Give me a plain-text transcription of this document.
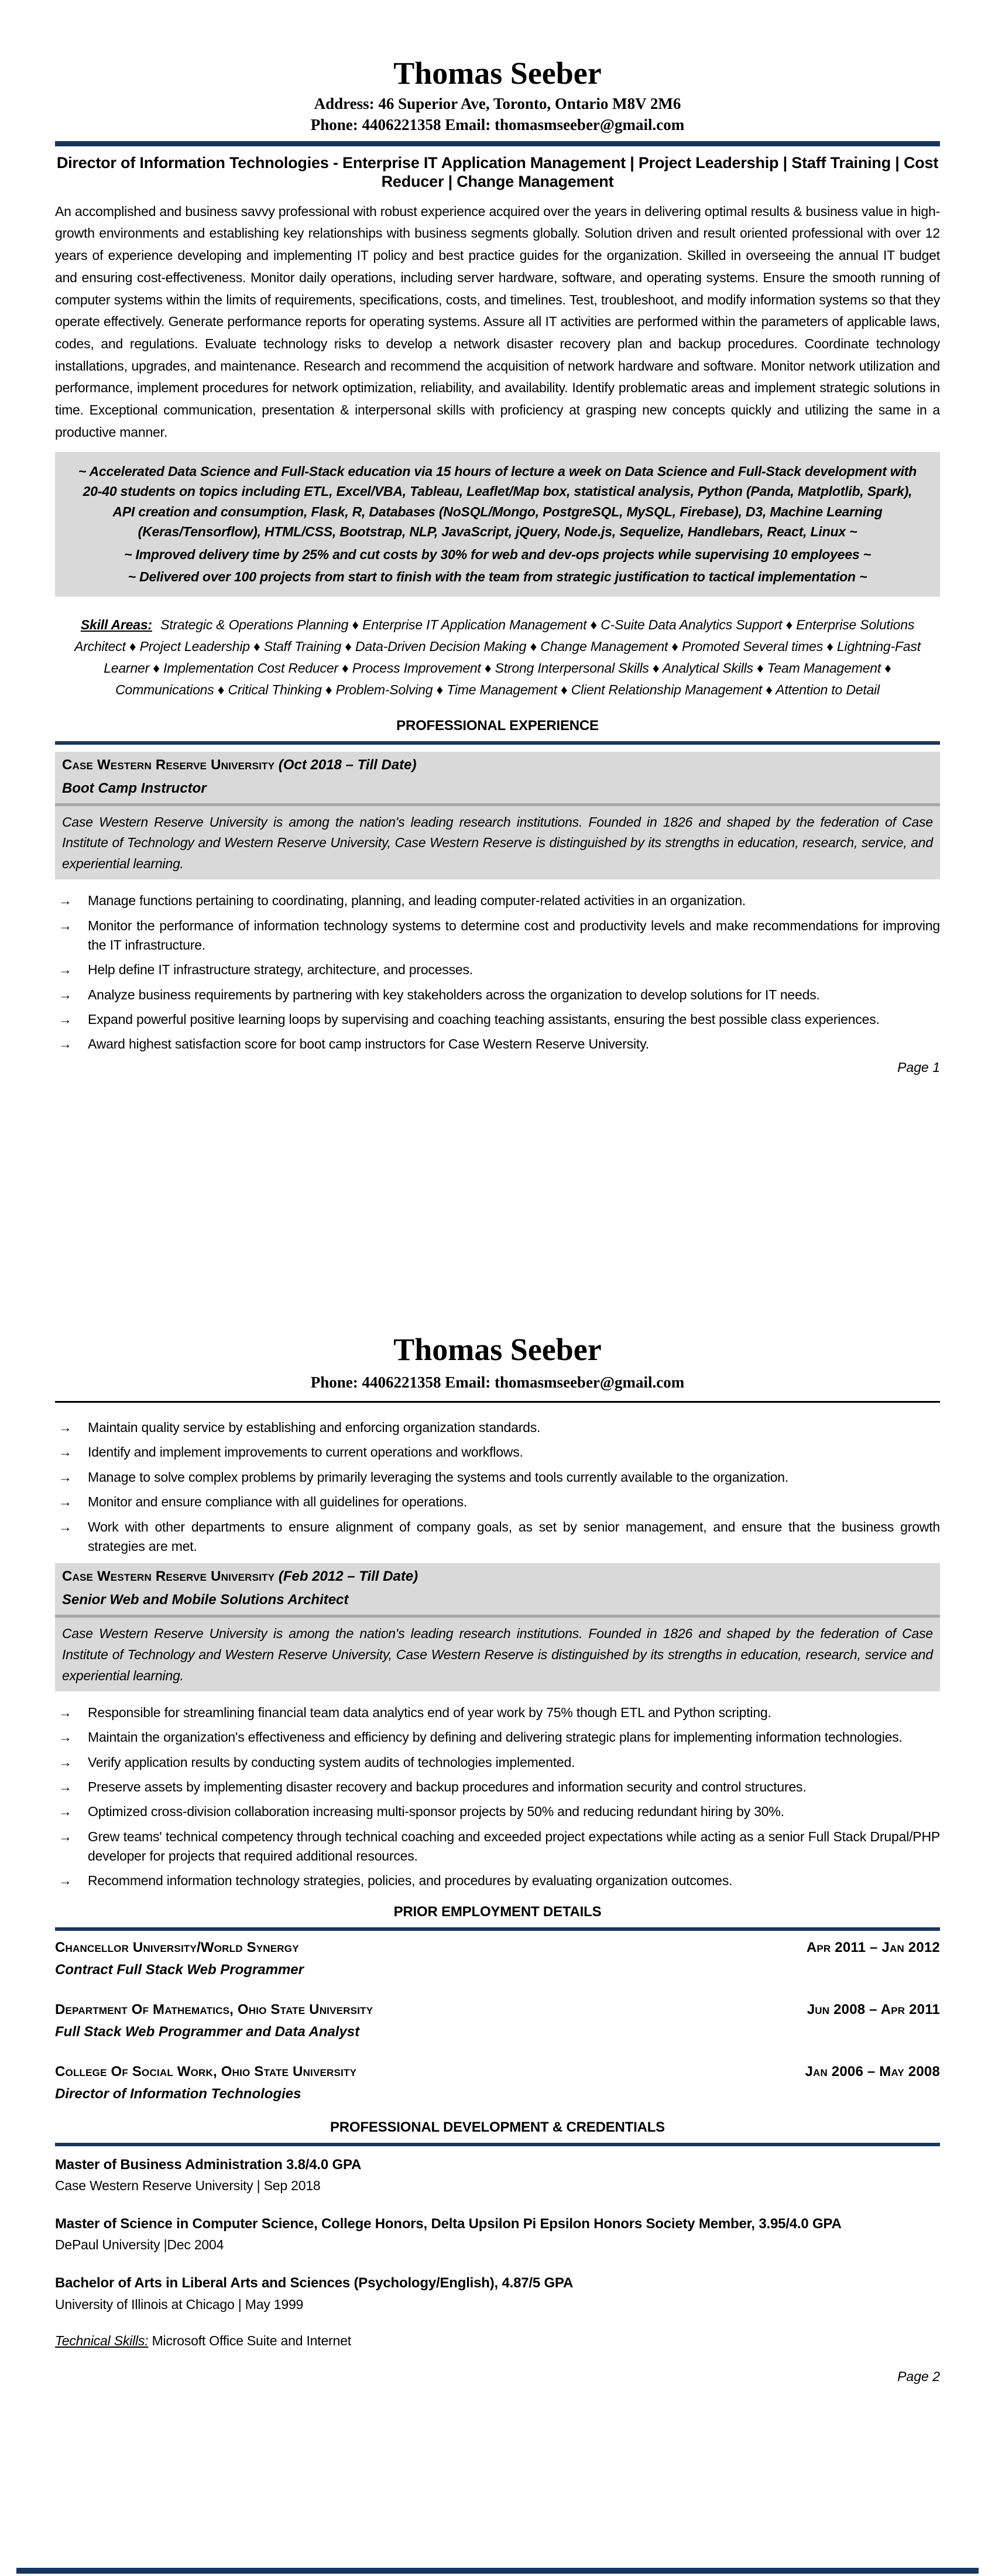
Thomas Seeber
Address: 46 Superior Ave, Toronto, Ontario M8V 2M6
Phone: 4406221358 Email: thomasmseeber@gmail.com
Director of Information Technologies - Enterprise IT Application Management | Project Leadership | Staff Training | Cost Reducer | Change Management
An accomplished and business savvy professional with robust experience acquired over the years in delivering optimal results & business value in high-growth environments and establishing key relationships with business segments globally. Solution driven and result oriented professional with over 12 years of experience developing and implementing IT policy and best practice guides for the organization. Skilled in overseeing the annual IT budget and ensuring cost-effectiveness. Monitor daily operations, including server hardware, software, and operating systems. Ensure the smooth running of computer systems within the limits of requirements, specifications, costs, and timelines. Test, troubleshoot, and modify information systems so that they operate effectively. Generate performance reports for operating systems. Assure all IT activities are performed within the parameters of applicable laws, codes, and regulations. Evaluate technology risks to develop a network disaster recovery plan and backup procedures. Coordinate technology installations, upgrades, and maintenance. Research and recommend the acquisition of network hardware and software. Monitor network utilization and performance, implement procedures for network optimization, reliability, and availability. Identify problematic areas and implement strategic solutions in time. Exceptional communication, presentation & interpersonal skills with proficiency at grasping new concepts quickly and utilizing the same in a productive manner.
~ Accelerated Data Science and Full-Stack education via 15 hours of lecture a week on Data Science and Full-Stack development with 20-40 students on topics including ETL, Excel/VBA, Tableau, Leaflet/Map box, statistical analysis, Python (Panda, Matplotlib, Spark), API creation and consumption, Flask, R, Databases (NoSQL/Mongo, PostgreSQL, MySQL, Firebase), D3, Machine Learning (Keras/Tensorflow), HTML/CSS, Bootstrap, NLP, JavaScript, jQuery, Node.js, Sequelize, Handlebars, React, Linux ~
~ Improved delivery time by 25% and cut costs by 30% for web and dev-ops projects while supervising 10 employees ~
~ Delivered over 100 projects from start to finish with the team from strategic justification to tactical implementation ~
Skill Areas: Strategic & Operations Planning ♦ Enterprise IT Application Management ♦ C-Suite Data Analytics Support ♦ Enterprise Solutions Architect ♦ Project Leadership ♦ Staff Training ♦ Data-Driven Decision Making ♦ Change Management ♦ Promoted Several times ♦ Lightning-Fast Learner ♦ Implementation Cost Reducer ♦ Process Improvement ♦ Strong Interpersonal Skills ♦ Analytical Skills ♦ Team Management ♦ Communications ♦ Critical Thinking ♦ Problem-Solving ♦ Time Management ♦ Client Relationship Management ♦ Attention to Detail
PROFESSIONAL EXPERIENCE
Case Western Reserve University (Oct 2018 – Till Date)
Boot Camp Instructor
Case Western Reserve University is among the nation's leading research institutions. Founded in 1826 and shaped by the federation of Case Institute of Technology and Western Reserve University, Case Western Reserve is distinguished by its strengths in education, research, service, and experiential learning.
→	Manage functions pertaining to coordinating, planning, and leading computer-related activities in an organization.
→	Monitor the performance of information technology systems to determine cost and productivity levels and make recommendations for improving the IT infrastructure.
→	Help define IT infrastructure strategy, architecture, and processes.
→	Analyze business requirements by partnering with key stakeholders across the organization to develop solutions for IT needs.
→	Expand powerful positive learning loops by supervising and coaching teaching assistants, ensuring the best possible class experiences.
→	Award highest satisfaction score for boot camp instructors for Case Western Reserve University.
Page 1
Thomas Seeber
Phone: 4406221358 Email: thomasmseeber@gmail.com
→	Maintain quality service by establishing and enforcing organization standards.
→	Identify and implement improvements to current operations and workflows.
→	Manage to solve complex problems by primarily leveraging the systems and tools currently available to the organization.
→	Monitor and ensure compliance with all guidelines for operations.
→	Work with other departments to ensure alignment of company goals, as set by senior management, and ensure that the business growth strategies are met.
Case Western Reserve University (Feb 2012 – Till Date)
Senior Web and Mobile Solutions Architect
Case Western Reserve University is among the nation's leading research institutions. Founded in 1826 and shaped by the federation of Case Institute of Technology and Western Reserve University, Case Western Reserve is distinguished by its strengths in education, research, service and experiential learning.
→	Responsible for streamlining financial team data analytics end of year work by 75% though ETL and Python scripting.
→	Maintain the organization's effectiveness and efficiency by defining and delivering strategic plans for implementing information technologies.
→	Verify application results by conducting system audits of technologies implemented.
→	Preserve assets by implementing disaster recovery and backup procedures and information security and control structures.
→	Optimized cross-division collaboration increasing multi-sponsor projects by 50% and reducing redundant hiring by 30%.
→	Grew teams' technical competency through technical coaching and exceeded project expectations while acting as a senior Full Stack Drupal/PHP developer for projects that required additional resources.
→	Recommend information technology strategies, policies, and procedures by evaluating organization outcomes.
PRIOR EMPLOYMENT DETAILS
Chancellor University/World Synergy	Apr 2011 – Jan 2012
Contract Full Stack Web Programmer
Department Of Mathematics, Ohio State University	Jun 2008 – Apr 2011
Full Stack Web Programmer and Data Analyst
College Of Social Work, Ohio State University	Jan 2006 – May 2008
Director of Information Technologies
PROFESSIONAL DEVELOPMENT & CREDENTIALS
Master of Business Administration 3.8/4.0 GPA
Case Western Reserve University | Sep 2018
Master of Science in Computer Science, College Honors, Delta Upsilon Pi Epsilon Honors Society Member, 3.95/4.0 GPA
DePaul University |Dec 2004
Bachelor of Arts in Liberal Arts and Sciences (Psychology/English), 4.87/5 GPA
University of Illinois at Chicago | May 1999
Technical Skills: Microsoft Office Suite and Internet
Page 2
